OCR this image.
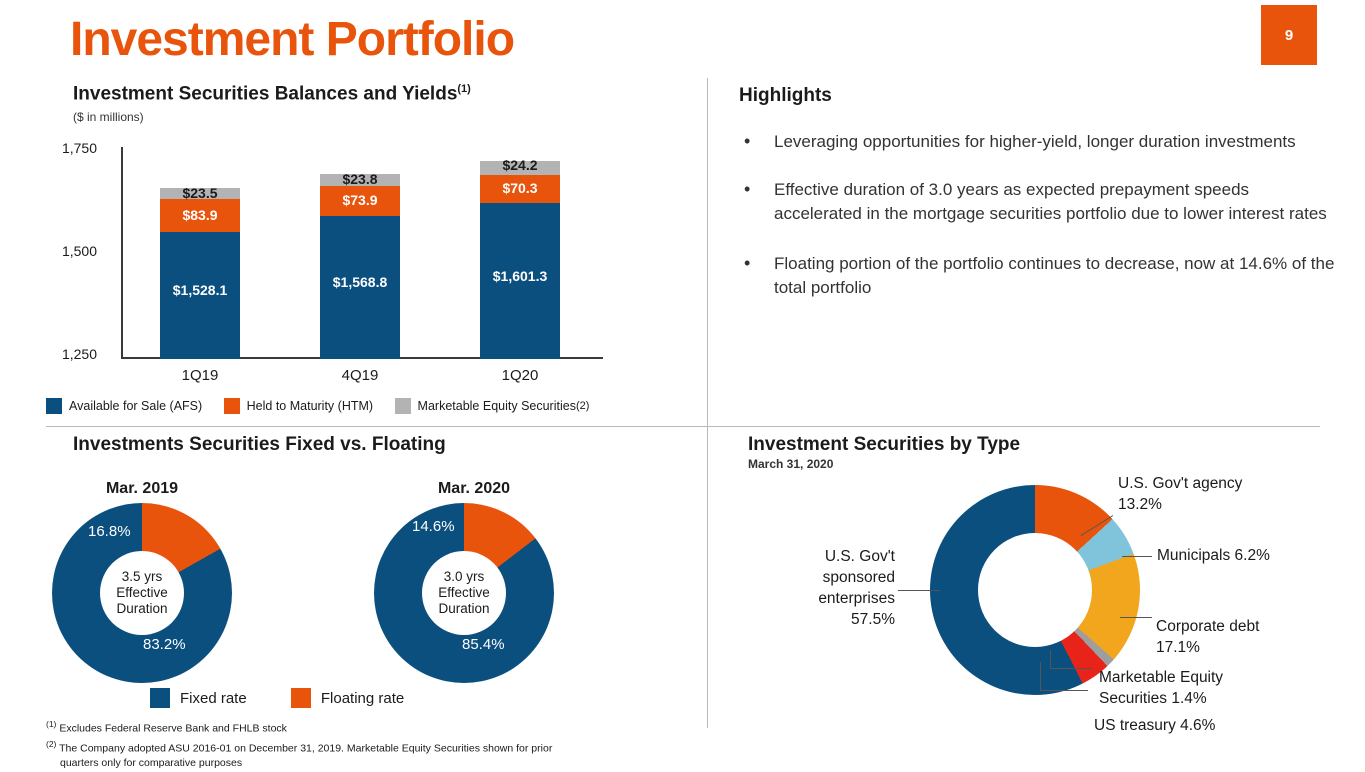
Investment Portfolio	9
Investment Securities Balances and Yields$^{(1)}$
($ in millions)
1,750
1,500
1,250
$1,528.1
$83.9
$23.5
1Q19
$1,568.8
$73.9
$23.8
4Q19
$1,601.3
$70.3
$24.2
1Q20
Available for Sale (AFS)
	Held to Maturity (HTM)
	Marketable Equity Securities (2)
Highlights
• Leveraging opportunities for higher-yield, longer duration investments
• Effective duration of 3.0 years as expected prepayment speeds accelerated in the mortgage securities portfolio due to lower interest rates
• Floating portion of the portfolio continues to decrease, now at 14.6% of the total portfolio
Investments Securities Fixed vs. Floating
Mar. 2019
3.5 yrs
Effective
Duration
16.8%
83.2%
Mar. 2020
3.0 yrs
Effective
Duration
14.6%
85.4%
Fixed rate
	Floating rate
Investment Securities by Type
March 31, 2020
U.S. Gov't
sponsored
enterprises
57.5%
U.S. Gov't agency
13.2%
Municipals 6.2%
Corporate debt
17.1%
Marketable Equity
Securities 1.4%
US treasury 4.6%
$^{(1)}$ Excludes Federal Reserve Bank and FHLB stock
$^{(2)}$ The Company adopted ASU 2016-01 on December 31, 2019. Marketable Equity Securities shown for prior
quarters only for comparative purposes
